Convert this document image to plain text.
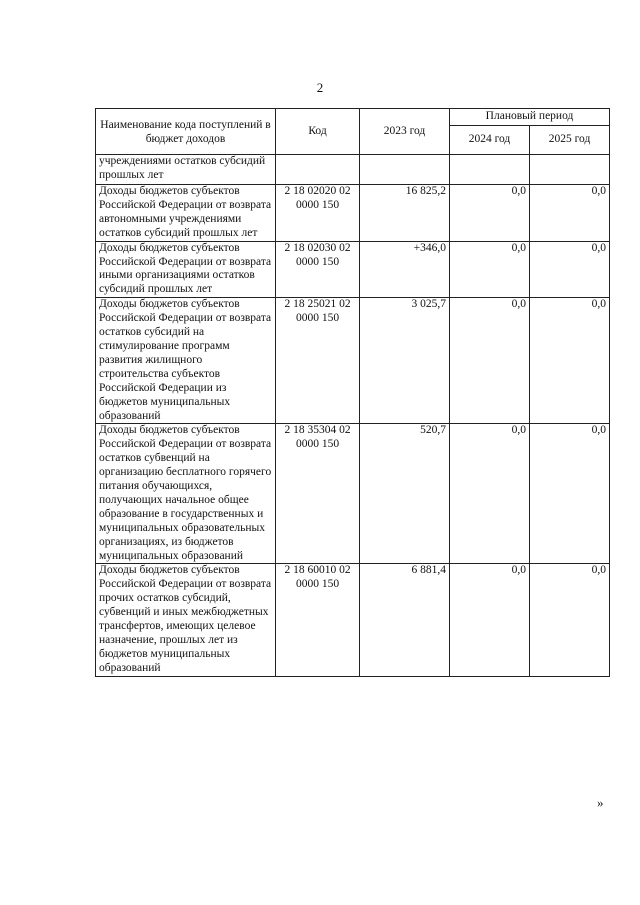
2
Наименование кода поступлений в бюджет доходов	Код	2023 год	Плановый период	
			2024 год	2025 год
учреждениями остатков субсидий прошлых лет				
Доходы бюджетов субъектов Российской Федерации от возврата автономными учреждениями остатков субсидий прошлых лет	2 18 02020 02 0000 150	16 825,2	0,0	0,0
Доходы бюджетов субъектов Российской Федерации от возврата иными организациями остатков субсидий прошлых лет	2 18 02030 02 0000 150	+346,0	0,0	0,0
Доходы бюджетов субъектов Российской Федерации от возврата остатков субсидий на стимулирование программ развития жилищного строительства субъектов Российской Федерации из бюджетов муниципальных образований	2 18 25021 02 0000 150	3 025,7	0,0	0,0
Доходы бюджетов субъектов Российской Федерации от возврата остатков субвенций на организацию бесплатного горячего питания обучающихся, получающих начальное общее образование в государственных и муниципальных образовательных организациях, из бюджетов муниципальных образований	2 18 35304 02 0000 150	520,7	0,0	0,0
Доходы бюджетов субъектов Российской Федерации от возврата прочих остатков субсидий, субвенций и иных межбюджетных трансфертов, имеющих целевое назначение, прошлых лет из бюджетов муниципальных образований	2 18 60010 02 0000 150	6 881,4	0,0	0,0
»
